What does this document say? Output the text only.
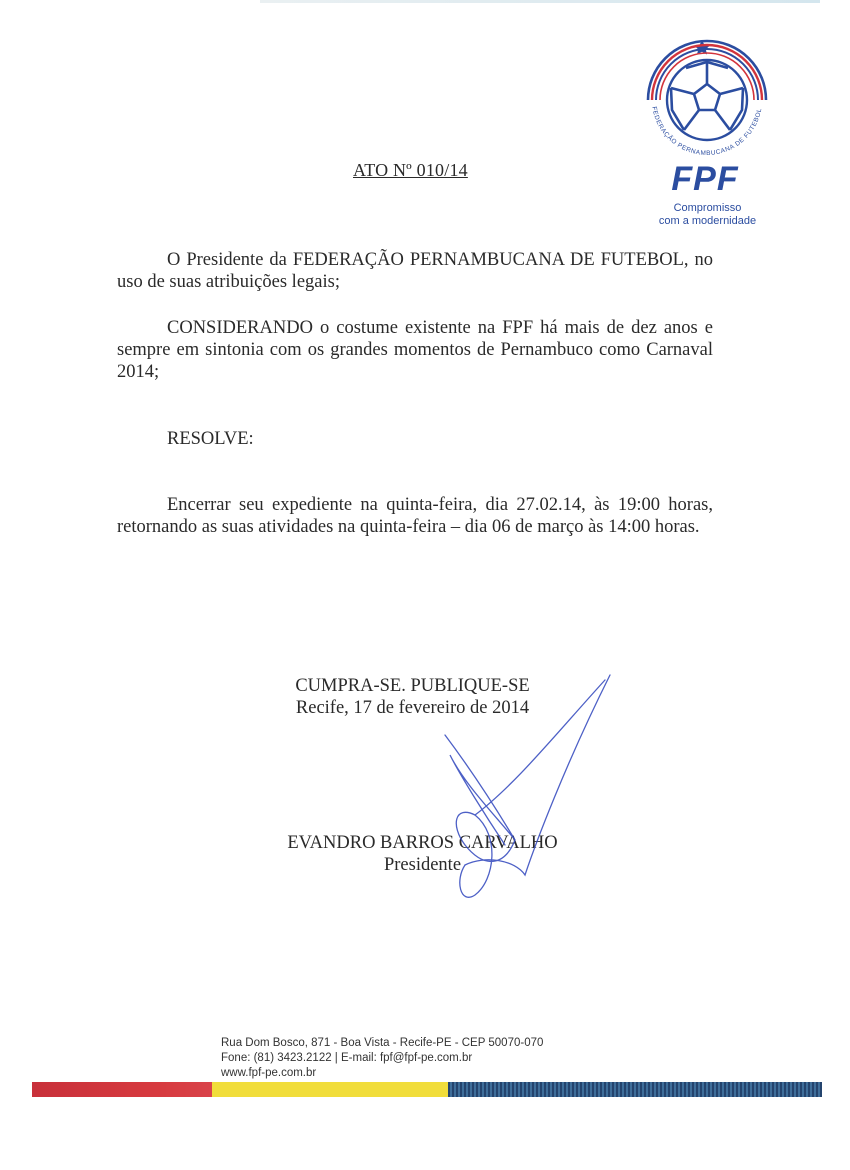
FEDERAÇÃO PERNAMBUCANA DE FUTEBOL
FPF
Compromisso
com a modernidade
ATO Nº 010/14
O Presidente da FEDERAÇÃO PERNAMBUCANA DE FUTEBOL, no uso de suas atribuições legais;
CONSIDERANDO o costume existente na FPF há mais de dez anos e sempre em sintonia com os grandes momentos de Pernambuco como Carnaval 2014;
RESOLVE:
Encerrar seu expediente na quinta-feira, dia 27.02.14, às 19:00 horas, retornando as suas atividades na quinta-feira – dia 06 de março às 14:00 horas.
CUMPRA-SE. PUBLIQUE-SE
Recife, 17 de fevereiro de 2014
EVANDRO BARROS CARVALHO
Presidente
Rua Dom Bosco, 871 - Boa Vista - Recife-PE - CEP 50070-070
Fone: (81) 3423.2122 | E-mail: fpf@fpf-pe.com.br
www.fpf-pe.com.br
